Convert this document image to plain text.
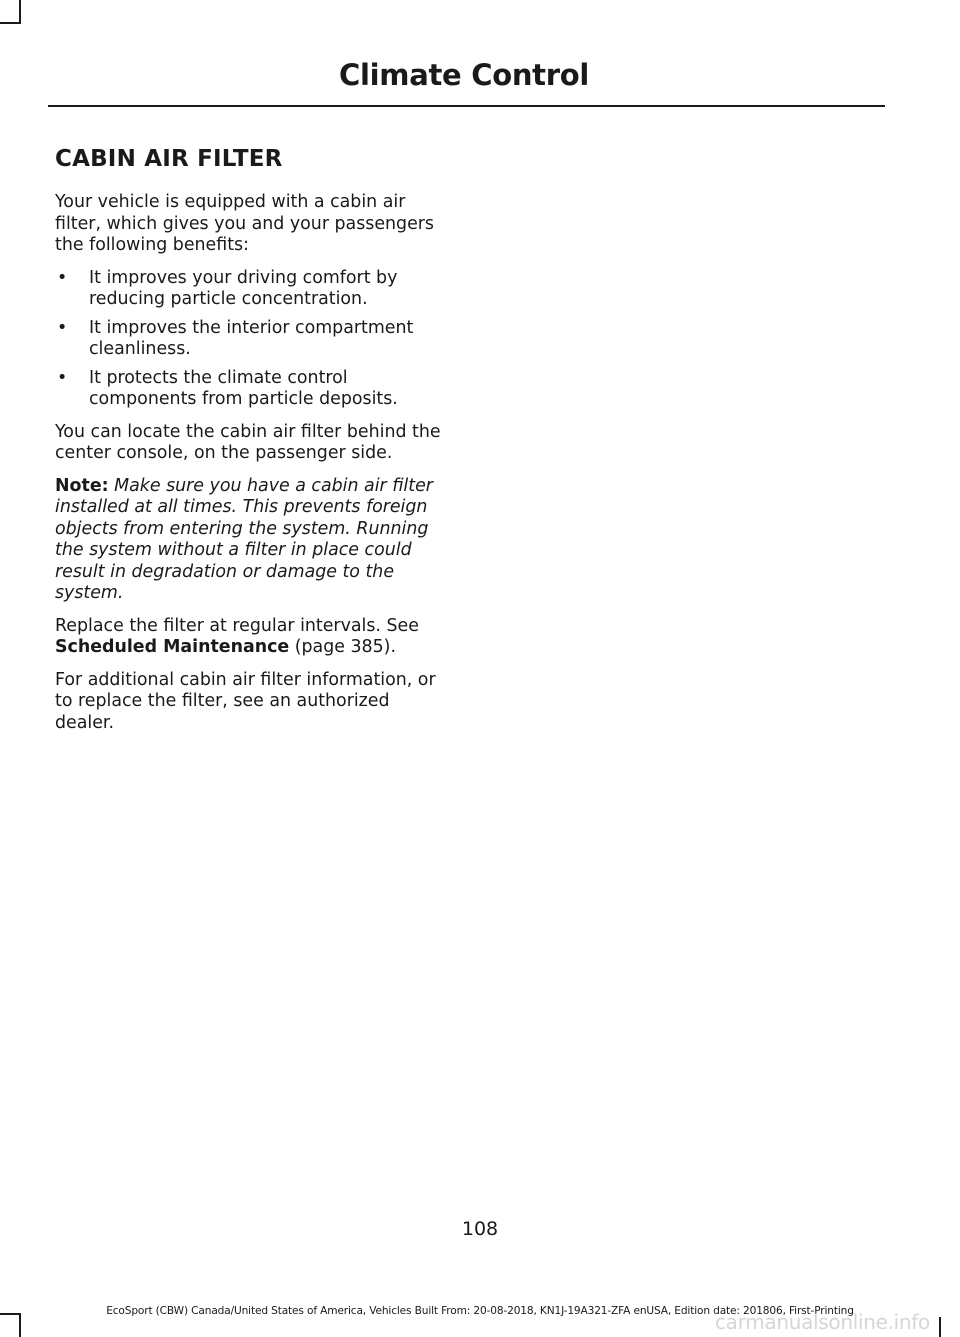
Climate Control
CABIN AIR FILTER

Your vehicle is equipped with a cabin air filter, which gives you and your passengers the following benefits:

• It improves your driving comfort by reducing particle concentration.
• It improves the interior compartment cleanliness.
• It protects the climate control components from particle deposits.

You can locate the cabin air filter behind the center console, on the passenger side.

Note: Make sure you have a cabin air filter installed at all times. This prevents foreign objects from entering the system. Running the system without a filter in place could result in degradation or damage to the system.

Replace the filter at regular intervals. See Scheduled Maintenance (page 385).

For additional cabin air filter information, or to replace the filter, see an authorized dealer.

108
EcoSport (CBW) Canada/United States of America, Vehicles Built From: 20-08-2018, KN1J-19A321-ZFA enUSA, Edition date: 201806, First-Printing
carmanualsonline.info
